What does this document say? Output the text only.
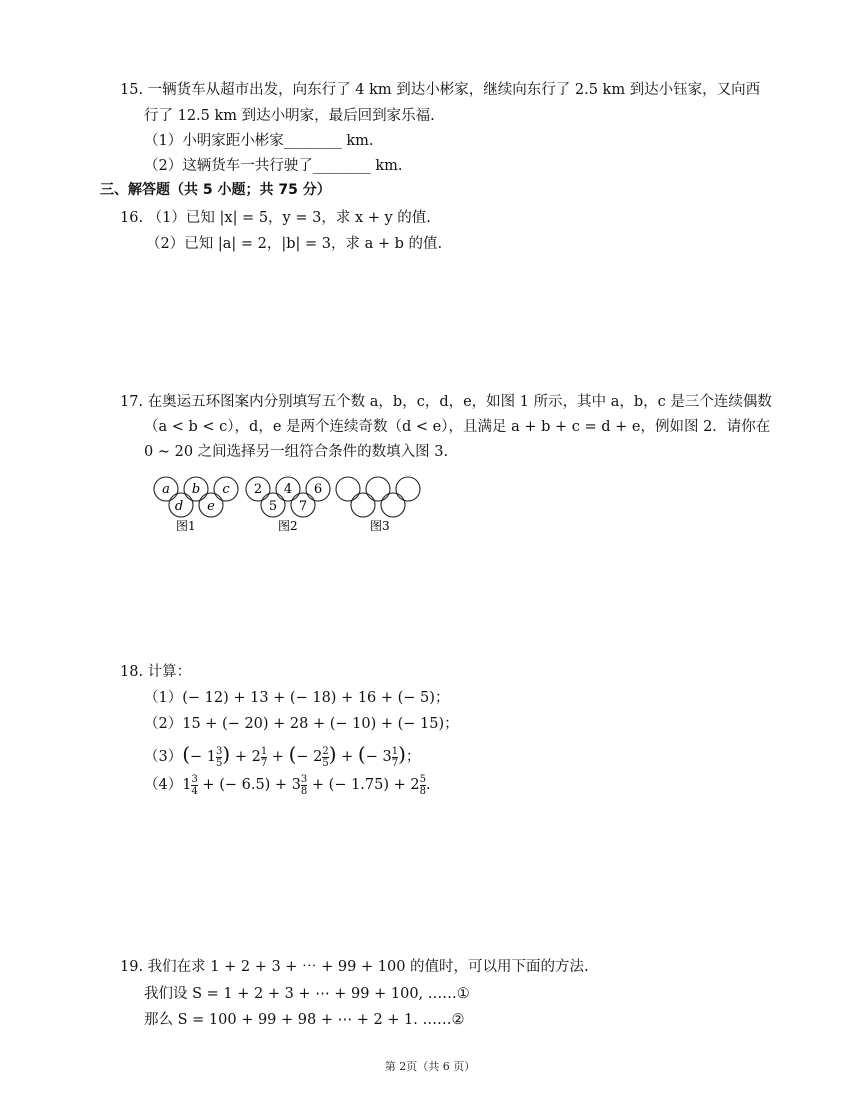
15. 一辆货车从超市出发，向东行了 4 km 到达小彬家，继续向东行了 2.5 km 到达小钰家，又向西
行了 12.5 km 到达小明家，最后回到家乐福.
（1）小明家距小彬家________ km.
（2）这辆货车一共行驶了________ km.
三、解答题（共 5 小题；共 75 分）
16. （1）已知 |x| = 5，y = 3，求 x + y 的值.
（2）已知 |a| = 2，|b| = 3，求 a + b 的值.
17. 在奥运五环图案内分别填写五个数 a，b，c，d，e，如图 1 所示，其中 a，b，c 是三个连续偶数
（a < b < c），d，e 是两个连续奇数（d < e），且满足 a + b + c = d + e，例如图 2．请你在
0 ~ 20 之间选择另一组符合条件的数填入图 3.
a b c
d e
图1
2 4 6
5 7
图2	图3
18. 计算：
（1）(− 12) + 13 + (− 18) + 16 + (− 5)；
（2）15 + (− 20) + 28 + (− 10) + (− 15)；
$(3)(- 1 \frac{3}{5}$ ) + $2 \frac{1}{7}$ + (− $2 \frac{2}{5}$ ) + (− $3 \frac{1}{7}$ )；
$(4)1 \frac{3}{4}$ + (− $6.5) + 3 \frac{3}{8}$ + (− $1.75) + 2 \frac{5}{8}$ .
19. 我们在求 1 + 2 + 3 + ⋯ + 99 + 100 的值时，可以用下面的方法.
我们设 S = 1 + 2 + 3 + ⋯ + 99 + 100, ……①
那么 S = 100 + 99 + 98 + ⋯ + 2 + 1. ……②
第 2页（共 6 页）
